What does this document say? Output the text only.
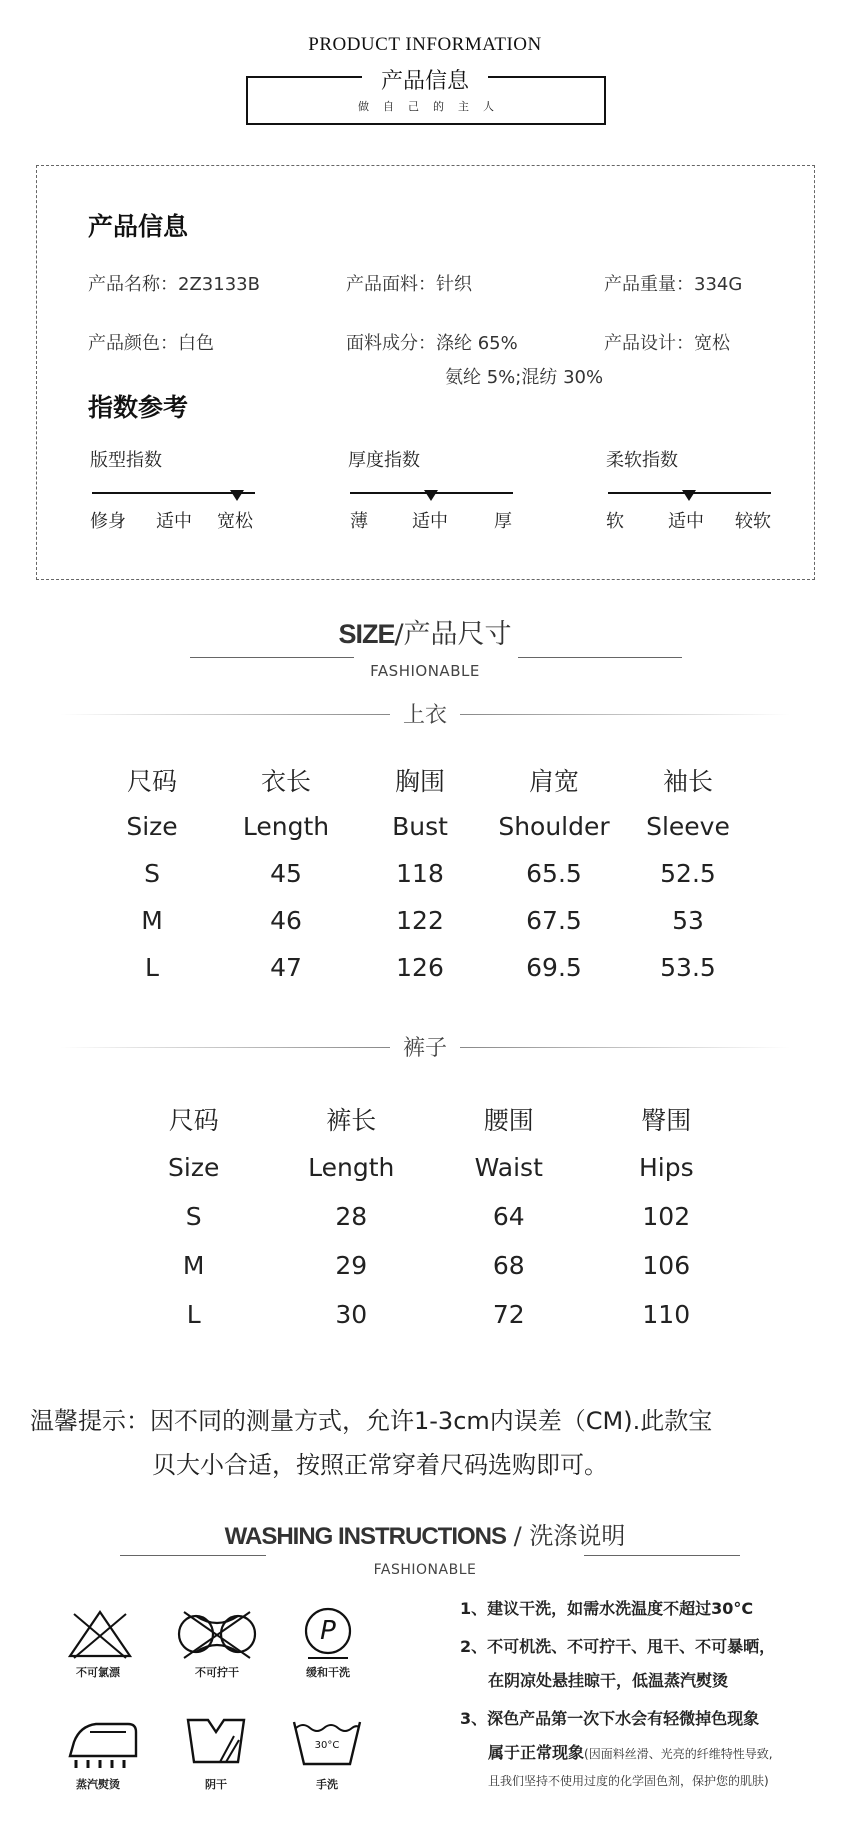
PRODUCT INFORMATION
产品信息
做自己的主人
产品信息
产品名称：2Z3133B	产品面料：针织	产品重量：334G
产品颜色：白色	面料成分：涤纶 65%	产品设计：宽松
氨纶 5%;混纺 30%
指数参考
版型指数
修身 适中 宽松
厚度指数
薄 适中	厚
柔软指数
软 适中 较软
SIZE/产品尺寸
FASHIONABLE
上衣
尺码	衣长	胸围	肩宽	袖长
Size	Length	Bust	Shoulder	Sleeve
S	45	118	65.5	52.5
M	46	122	67.5	53
L	47	126	69.5	53.5
裤子
尺码	裤长	腰围	臀围
Size	Length	Waist	Hips
S	28	64	102
M	29	68	106
L	30	72	110
温馨提示：因不同的测量方式，允许1-3cm内误差（CM).此款宝
贝大小合适，按照正常穿着尺码选购即可。
WASHING INSTRUCTIONS / 洗涤说明
FASHIONABLE
不可氯漂	不可拧干
P
缓和干洗
蒸汽熨烫	阴干
30°C
手洗
1、建议干洗，如需水洗温度不超过30°C
2、不可机洗、不可拧干、甩干、不可暴晒，
在阴凉处悬挂晾干，低温蒸汽熨烫
3、深色产品第一次下水会有轻微掉色现象
属于正常现象(因面料丝滑、光亮的纤维特性导致,
且我们坚持不使用过度的化学固色剂，保护您的肌肤)
